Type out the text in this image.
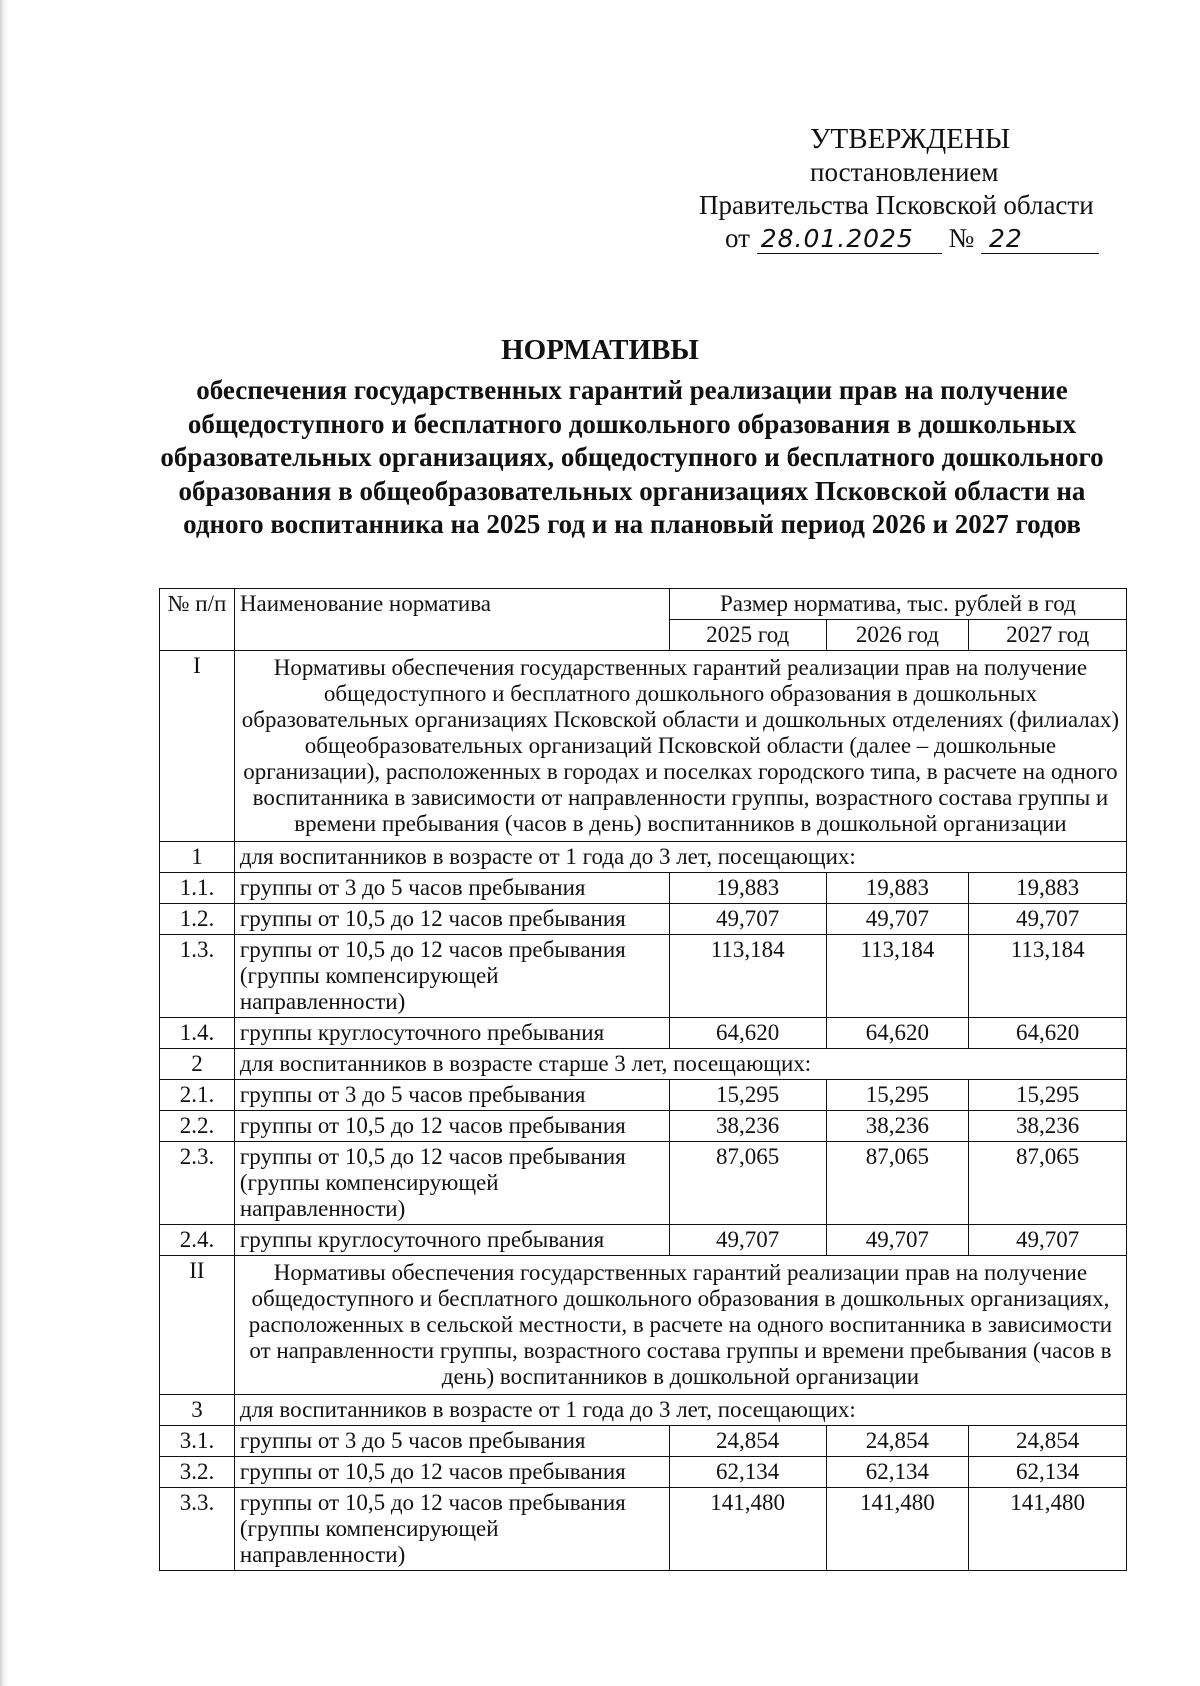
УТВЕРЖДЕНЫ
постановлением
Правительства Псковской области
от 28.01.2025 № 22
НОРМАТИВЫ
обеспечения государственных гарантий реализации прав на получение общедоступного и бесплатного дошкольного образования в дошкольных образовательных организациях, общедоступного и бесплатного дошкольного образования в общеобразовательных организациях Псковской области на одного воспитанника на 2025 год и на плановый период 2026 и 2027 годов
№ п/п	Наименование норматива	Размер норматива, тыс. рублей в год		
		2025 год	2026 год	2027 год
I	Нормативы обеспечения государственных гарантий реализации прав на получение общедоступного и бесплатного дошкольного образования в дошкольных образовательных организациях Псковской области и дошкольных отделениях (филиалах) общеобразовательных организаций Псковской области (далее – дошкольные организации), расположенных в городах и поселках городского типа, в расчете на одного воспитанника в зависимости от направленности группы, возрастного состава группы и времени пребывания (часов в день) воспитанников в дошкольной организации			
1	для воспитанников в возрасте от 1 года до 3 лет, посещающих:			
1.1.	группы от 3 до 5 часов пребывания	19,883	19,883	19,883
1.2.	группы от 10,5 до 12 часов пребывания	49,707	49,707	49,707
1.3.	группы от 10,5 до 12 часов пребывания (группы компенсирующей направленности)	113,184	113,184	113,184
1.4.	группы круглосуточного пребывания	64,620	64,620	64,620
2	для воспитанников в возрасте старше 3 лет, посещающих:			
2.1.	группы от 3 до 5 часов пребывания	15,295	15,295	15,295
2.2.	группы от 10,5 до 12 часов пребывания	38,236	38,236	38,236
2.3.	группы от 10,5 до 12 часов пребывания (группы компенсирующей направленности)	87,065	87,065	87,065
2.4.	группы круглосуточного пребывания	49,707	49,707	49,707
II	Нормативы обеспечения государственных гарантий реализации прав на получение общедоступного и бесплатного дошкольного образования в дошкольных организациях, расположенных в сельской местности, в расчете на одного воспитанника в зависимости от направленности группы, возрастного состава группы и времени пребывания (часов в день) воспитанников в дошкольной организации			
3	для воспитанников в возрасте от 1 года до 3 лет, посещающих:			
3.1.	группы от 3 до 5 часов пребывания	24,854	24,854	24,854
3.2.	группы от 10,5 до 12 часов пребывания	62,134	62,134	62,134
3.3.	группы от 10,5 до 12 часов пребывания (группы компенсирующей направленности)	141,480	141,480	141,480
